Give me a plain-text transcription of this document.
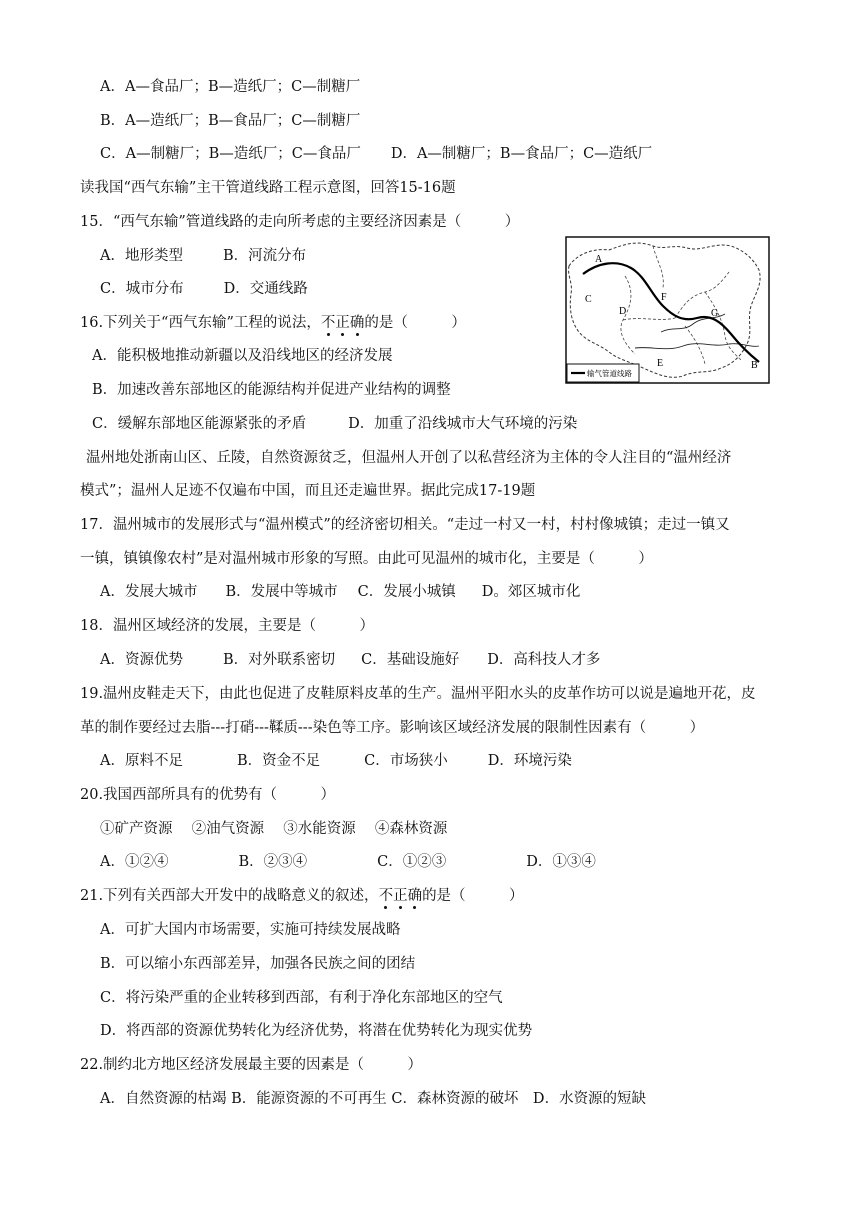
A．A—食品厂；B—造纸厂；C—制糖厂
B．A—造纸厂；B—食品厂；C—制糖厂
C．A—制糖厂；B—造纸厂；C—食品厂 D．A—制糖厂；B—食品厂；C—造纸厂
读我国“西气东输”主干管道线路工程示意图，回答15-16题
15．“西气东输”管道线路的走向所考虑的主要经济因素是（　　　）
A．地形类型	B．河流分布
C．城市分布	D．交通线路
16.下列关于“西气东输”工程的说法，不正确的是（　　　）
A．能积极地推动新疆以及沿线地区的经济发展
B．加速改善东部地区的能源结构并促进产业结构的调整
C．缓解东部地区能源紧张的矛盾	D．加重了沿线城市大气环境的污染
温州地处浙南山区、丘陵，自然资源贫乏，但温州人开创了以私营经济为主体的令人注目的“温州经济
模式”；温州人足迹不仅遍布中国，而且还走遍世界。据此完成17-19题
17．温州城市的发展形式与“温州模式”的经济密切相关。“走过一村又一村，村村像城镇；走过一镇又
一镇，镇镇像农村”是对温州城市形象的写照。由此可见温州的城市化，主要是（　　　）
A．发展大城市 B．发展中等城市 C．发展小城镇 D。郊区城市化
18．温州区域经济的发展，主要是（　　　）
A．资源优势	B．对外联系密切 C．基础设施好 D．高科技人才多
19.温州皮鞋走天下，由此也促进了皮鞋原料皮革的生产。温州平阳水头的皮革作坊可以说是遍地开花，皮
革的制作要经过去脂---打硝---鞣质---染色等工序。影响该区域经济发展的限制性因素有（　　　）
A．原料不足	B．资金不足	C．市场狭小	D．环境污染
20.我国西部所具有的优势有（　　　）
①矿产资源　 ②油气资源　 ③水能资源　 ④森林资源
A．①②④	B．②③④	C．①②③	D．①③④
21.下列有关西部大开发中的战略意义的叙述，不正确的是（　　　）
A．可扩大国内市场需要，实施可持续发展战略
B．可以缩小东西部差异，加强各民族之间的团结
C．将污染严重的企业转移到西部，有利于净化东部地区的空气
D．将西部的资源优势转化为经济优势，将潜在优势转化为现实优势
22.制约北方地区经济发展最主要的因素是（　　　）
A．自然资源的枯竭 B．能源资源的不可再生 C．森林资源的破坏　D．水资源的短缺
A
B
C
D
E
F
G
输气管道线路
